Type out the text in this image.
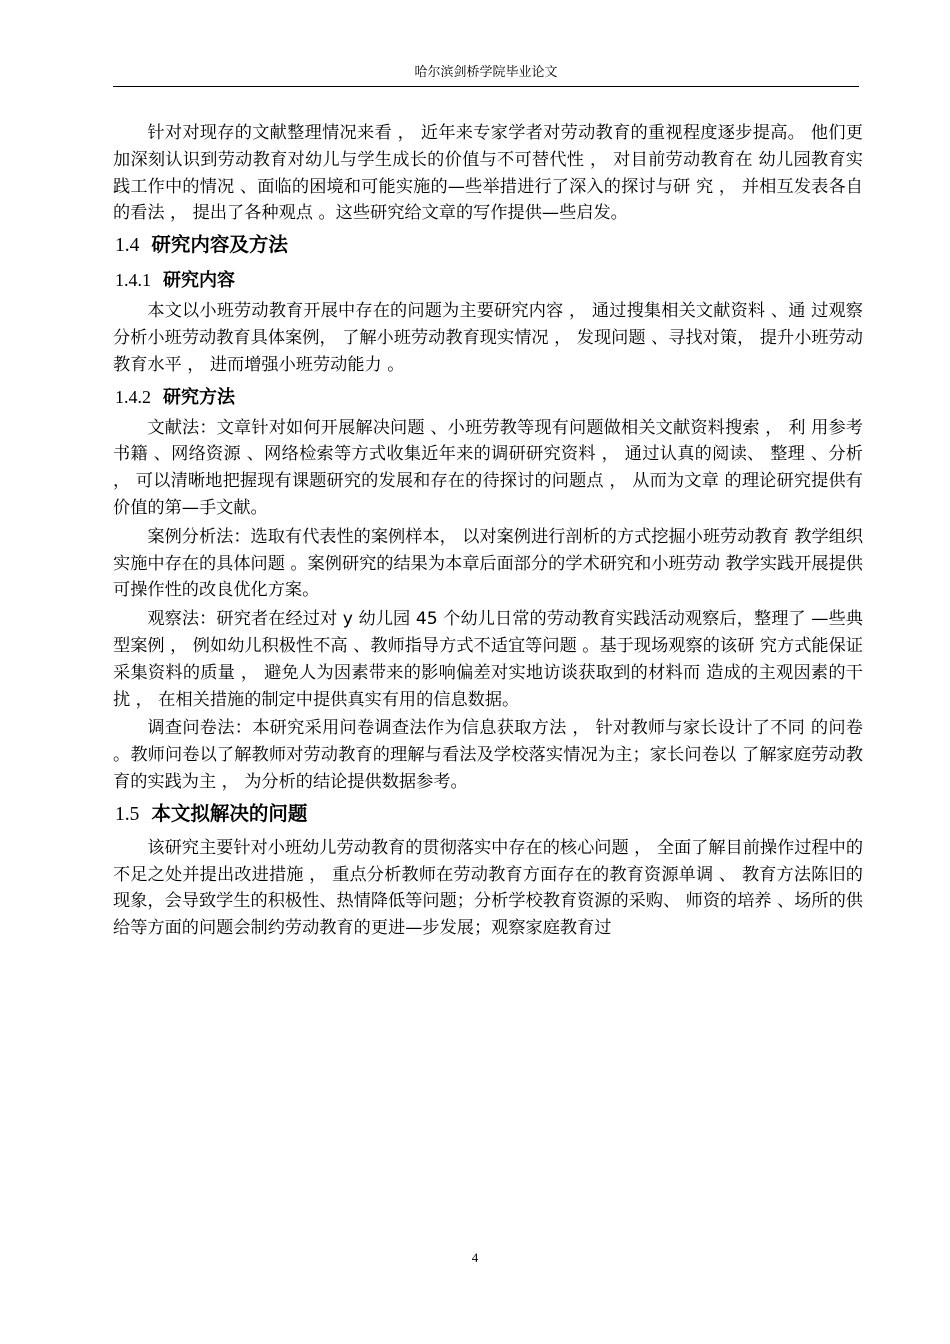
哈尔滨剑桥学院毕业论文

针对对现存的文献整理情况来看 ， 近年来专家学者对劳动教育的重视程度逐步提高。 他们更加深刻认识到劳动教育对幼儿与学生成长的价值与不可替代性 ， 对目前劳动教育在 幼儿园教育实践工作中的情况 、面临的困境和可能实施的—些举措进行了深入的探讨与研 究 ， 并相互发表各自的看法 ， 提出了各种观点 。这些研究给文章的写作提供—些启发。

1.4 研究内容及方法
1.4.1 研究内容

本文以小班劳动教育开展中存在的问题为主要研究内容 ， 通过搜集相关文献资料 、通 过观察分析小班劳动教育具体案例， 了解小班劳动教育现实情况 ， 发现问题 、寻找对策， 提升小班劳动教育水平 ， 进而增强小班劳动能力 。

1.4.2 研究方法

文献法：文章针对如何开展解决问题 、小班劳教等现有问题做相关文献资料搜索 ， 利 用参考书籍 、网络资源 、网络检索等方式收集近年来的调研研究资料 ， 通过认真的阅读、 整理 、分析 ， 可以清晰地把握现有课题研究的发展和存在的待探讨的问题点 ， 从而为文章 的理论研究提供有价值的第—手文献。

案例分析法：选取有代表性的案例样本， 以对案例进行剖析的方式挖掘小班劳动教育 教学组织实施中存在的具体问题 。案例研究的结果为本章后面部分的学术研究和小班劳动 教学实践开展提供可操作性的改良优化方案。

观察法：研究者在经过对 y 幼儿园 45 个幼儿日常的劳动教育实践活动观察后，整理了 —些典型案例 ， 例如幼儿积极性不高 、教师指导方式不适宜等问题 。基于现场观察的该研 究方式能保证采集资料的质量 ， 避免人为因素带来的影响偏差对实地访谈获取到的材料而 造成的主观因素的干扰 ， 在相关措施的制定中提供真实有用的信息数据。

调查问卷法：本研究采用问卷调查法作为信息获取方法 ， 针对教师与家长设计了不同 的问卷 。教师问卷以了解教师对劳动教育的理解与看法及学校落实情况为主；家长问卷以 了解家庭劳动教育的实践为主 ， 为分析的结论提供数据参考。

1.5 本文拟解决的问题

该研究主要针对小班幼儿劳动教育的贯彻落实中存在的核心问题 ， 全面了解目前操作过程中的不足之处并提出改进措施 ， 重点分析教师在劳动教育方面存在的教育资源单调 、 教育方法陈旧的现象，会导致学生的积极性、热情降低等问题；分析学校教育资源的采购、 师资的培养 、场所的供给等方面的问题会制约劳动教育的更进—步发展；观察家庭教育过

4
